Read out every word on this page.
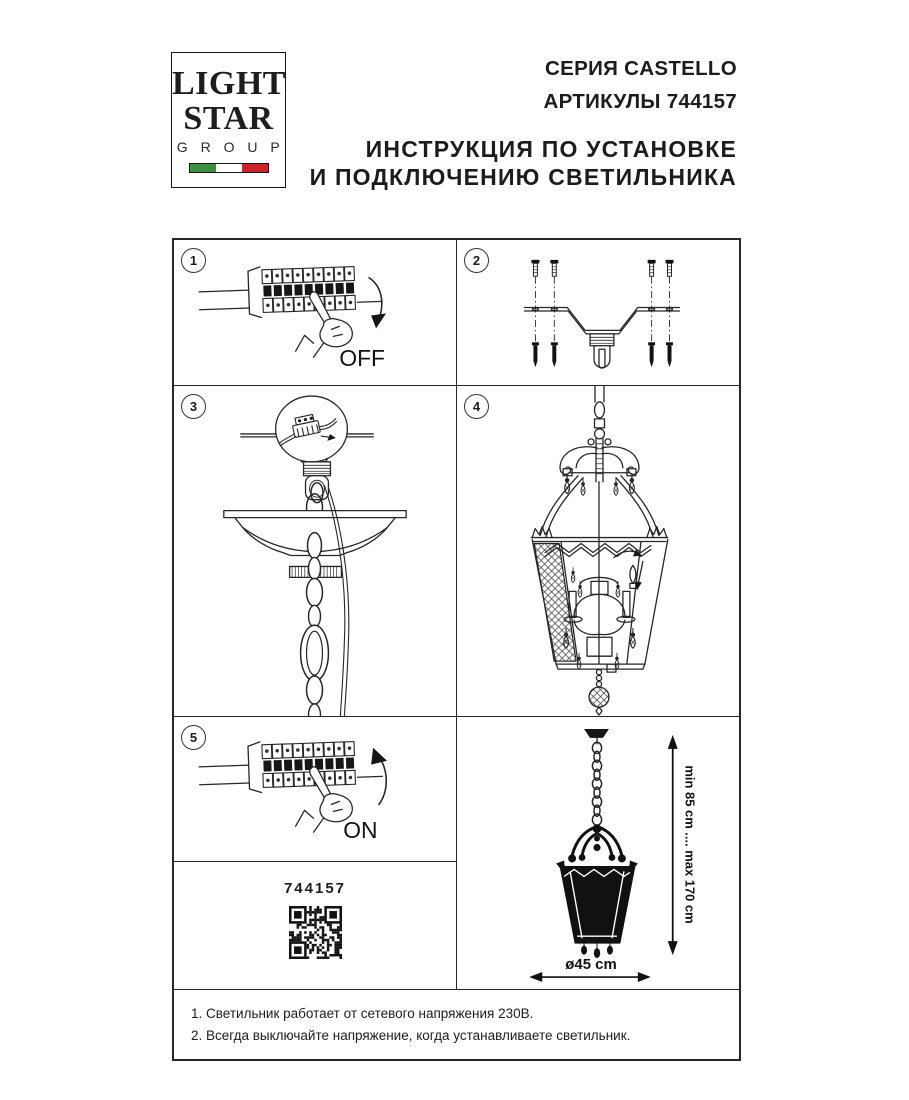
LIGHT
STAR
G R O U P
СЕРИЯ CASTELLO
АРТИКУЛЫ 744157
ИНСТРУКЦИЯ ПО УСТАНОВКЕ
И ПОДКЛЮЧЕНИЮ СВЕТИЛЬНИКА
1
OFF
2
3	4
5
ON
744157	min 85 cm .... max 170 cm
ø45 cm
1. Светильник работает от сетевого напряжения 230В.
2. Всегда выключайте напряжение, когда устанавливаете светильник.
